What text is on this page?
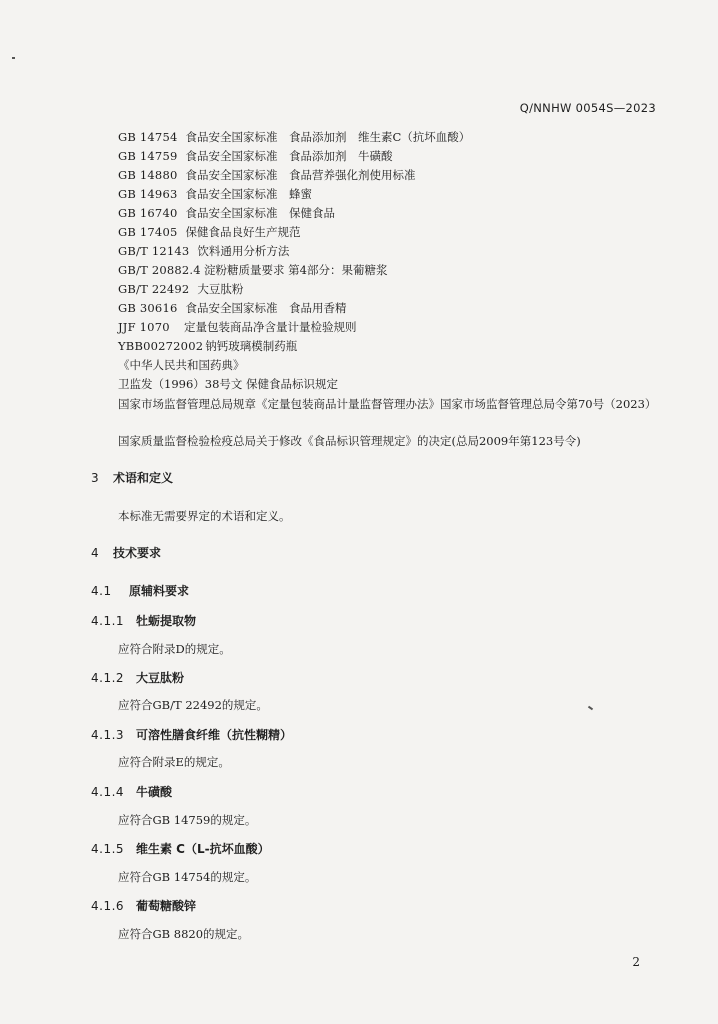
Q/NNHW 0054S—2023
GB 14754 食品安全国家标准　食品添加剂　维生素C（抗坏血酸）
GB 14759 食品安全国家标准　食品添加剂　牛磺酸
GB 14880 食品安全国家标准　食品营养强化剂使用标准
GB 14963 食品安全国家标准　蜂蜜
GB 16740 食品安全国家标准　保健食品
GB 17405 保健食品良好生产规范
GB/T 12143 饮料通用分析方法
GB/T 20882.4 淀粉糖质量要求 第4部分：果葡糖浆
GB/T 22492 大豆肽粉
GB 30616 食品安全国家标准　食品用香精
JJF 1070 定量包装商品净含量计量检验规则
YBB00272002 钠钙玻璃模制药瓶
《中华人民共和国药典》
卫监发（1996）38号文 保健食品标识规定
国家市场监督管理总局规章《定量包装商品计量监督管理办法》国家市场监督管理总局令第70号（2023）
国家质量监督检验检疫总局关于修改《食品标识管理规定》的决定(总局2009年第123号令)
3 术语和定义
本标准无需要界定的术语和定义。
4 技术要求
4.1 原辅料要求
4.1.1 牡蛎提取物
应符合附录D的规定。
4.1.2 大豆肽粉
应符合GB/T 22492的规定。
4.1.3 可溶性膳食纤维（抗性糊精）
应符合附录E的规定。
4.1.4 牛磺酸
应符合GB 14759的规定。
4.1.5 维生素 C（L-抗坏血酸）
应符合GB 14754的规定。
4.1.6 葡萄糖酸锌
应符合GB 8820的规定。
2
